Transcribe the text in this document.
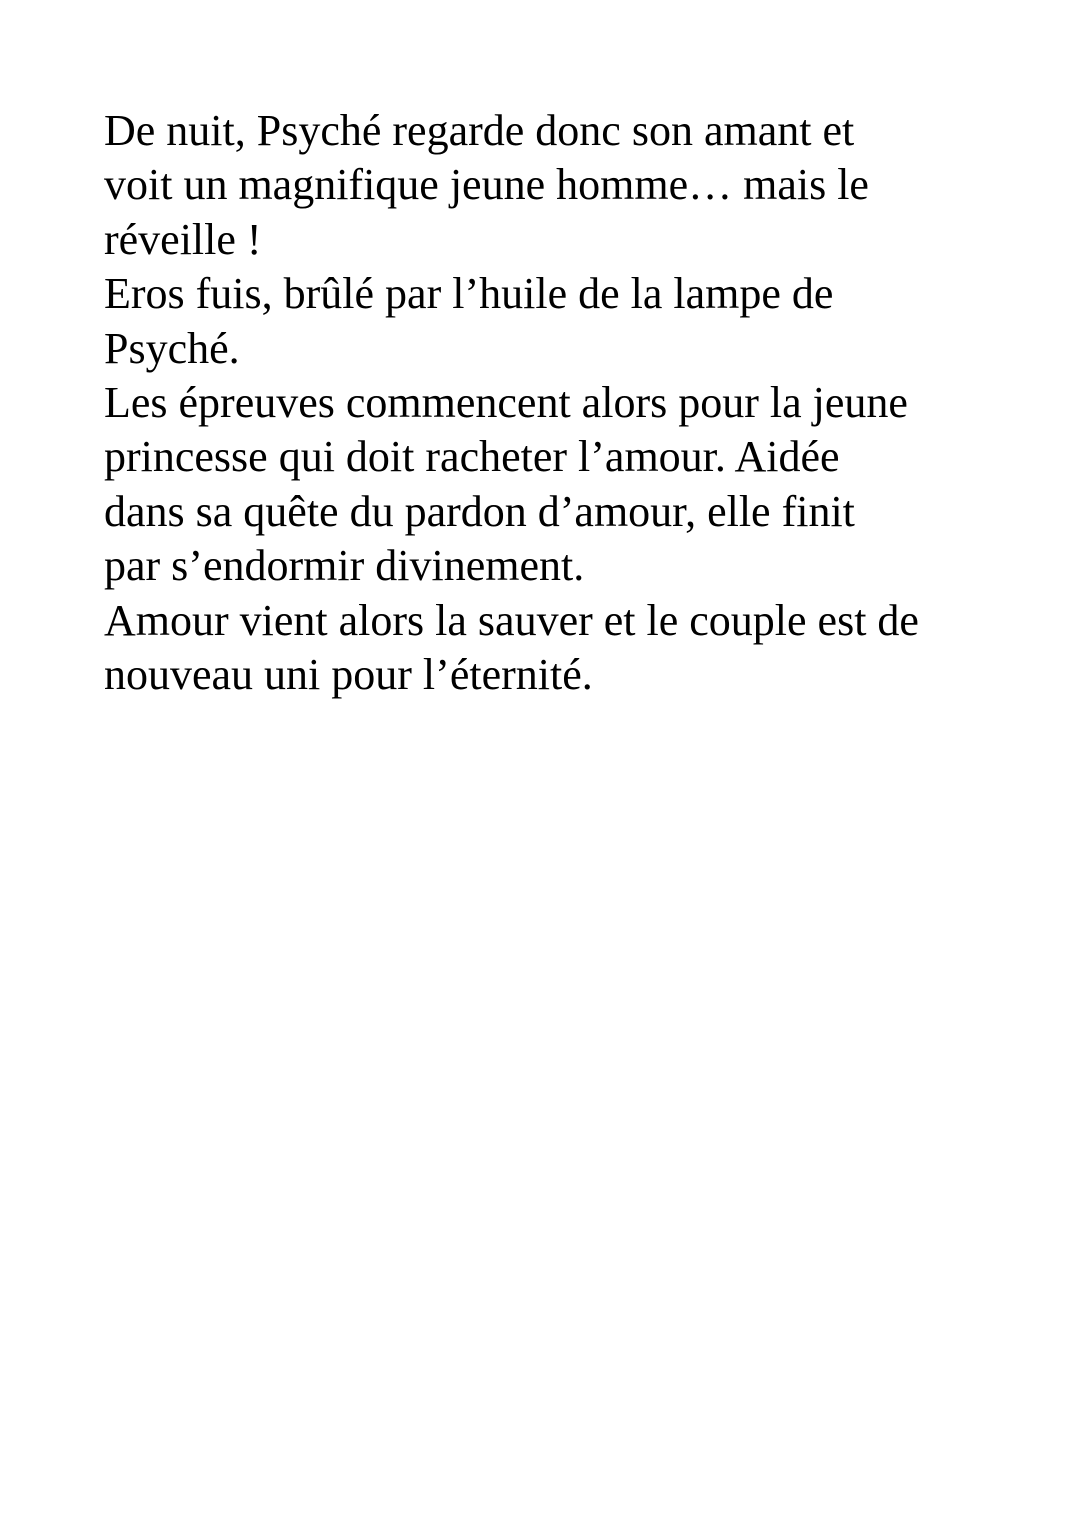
De nuit, Psyché regarde donc son amant et
voit un magnifique jeune homme… mais le
réveille !
Eros fuis, brûlé par l’huile de la lampe de
Psyché.
Les épreuves commencent alors pour la jeune
princesse qui doit racheter l’amour. Aidée
dans sa quête du pardon d’amour, elle finit
par s’endormir divinement.
Amour vient alors la sauver et le couple est de
nouveau uni pour l’éternité.
